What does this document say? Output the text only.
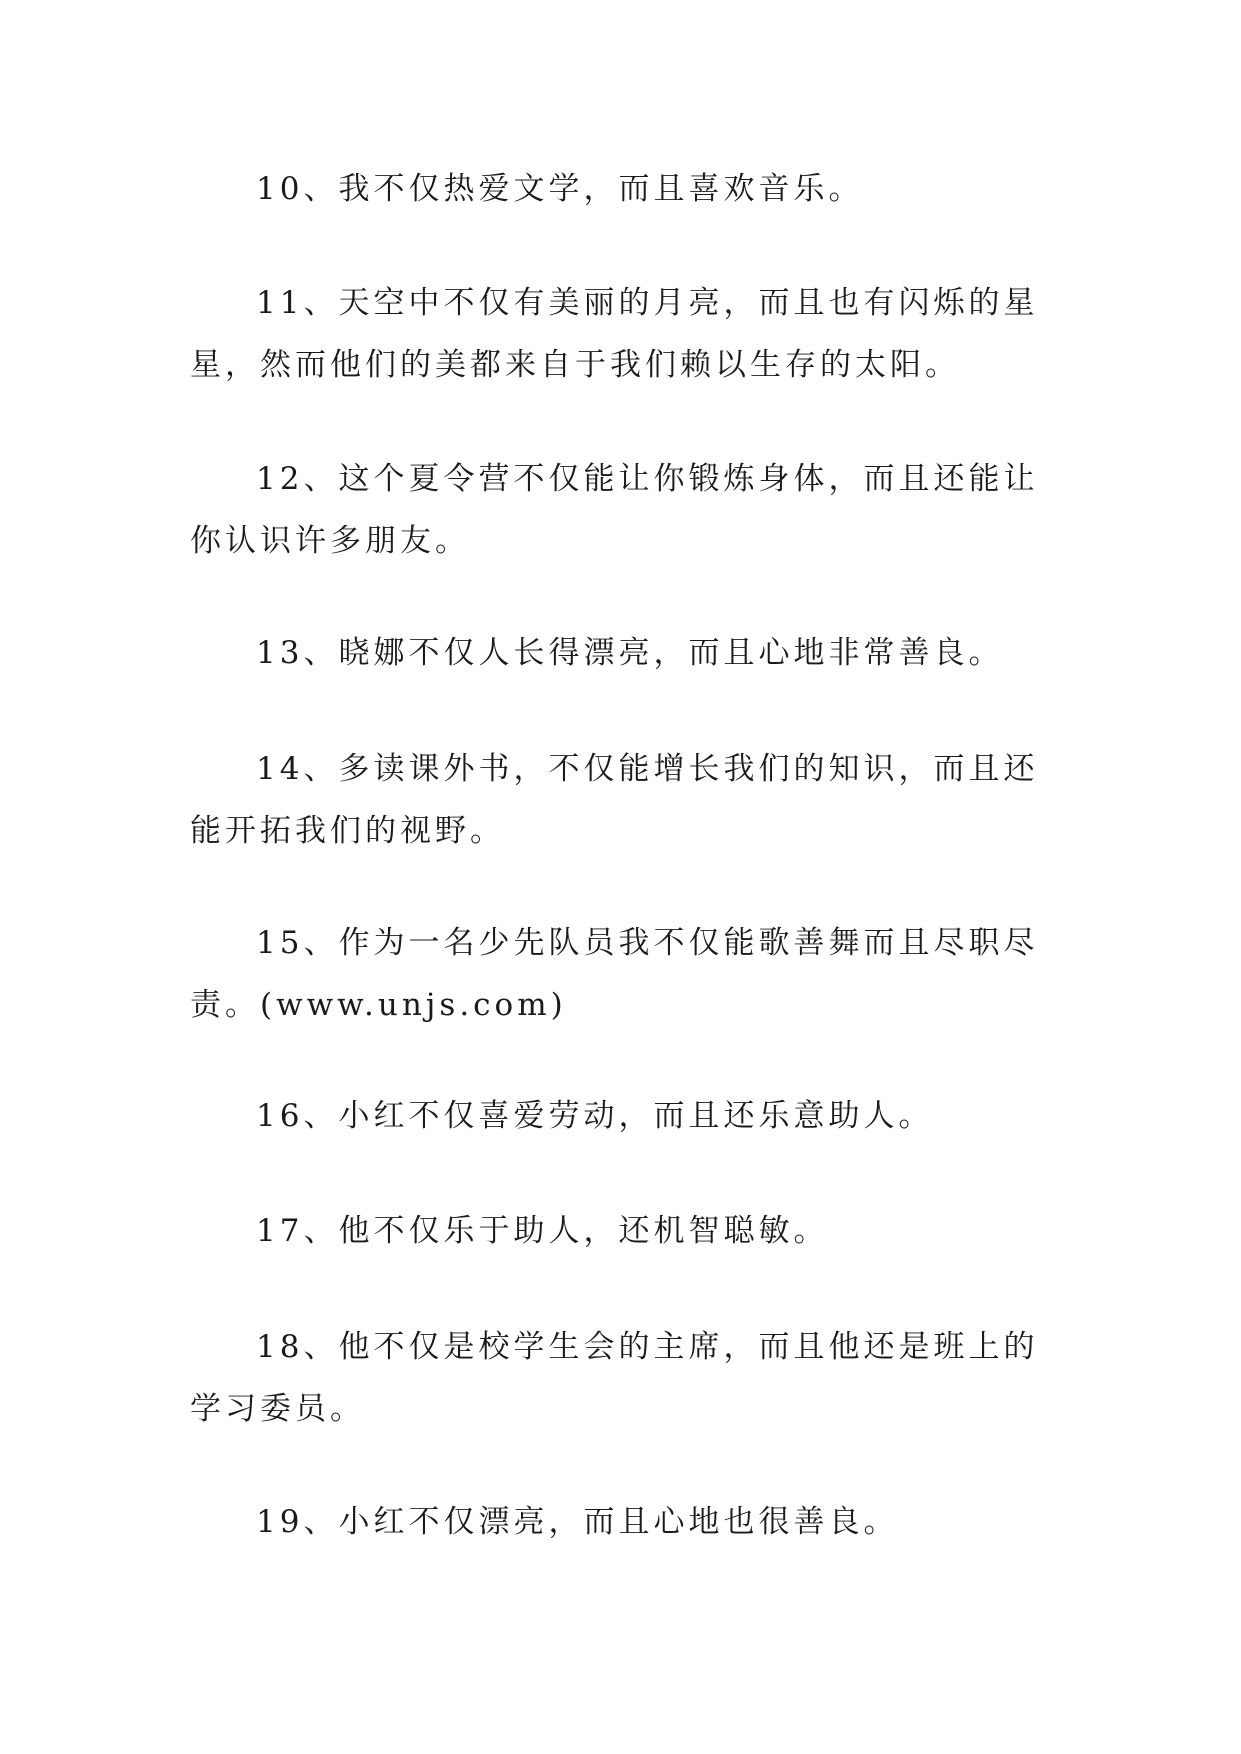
10、我不仅热爱文学，而且喜欢音乐。

11、天空中不仅有美丽的月亮，而且也有闪烁的星星，然而他们的美都来自于我们赖以生存的太阳。

12、这个夏令营不仅能让你锻炼身体，而且还能让你认识许多朋友。

13、晓娜不仅人长得漂亮，而且心地非常善良。

14、多读课外书，不仅能增长我们的知识，而且还能开拓我们的视野。

15、作为一名少先队员我不仅能歌善舞而且尽职尽责。(www.unjs.com)

16、小红不仅喜爱劳动，而且还乐意助人。

17、他不仅乐于助人，还机智聪敏。

18、他不仅是校学生会的主席，而且他还是班上的学习委员。

19、小红不仅漂亮，而且心地也很善良。
